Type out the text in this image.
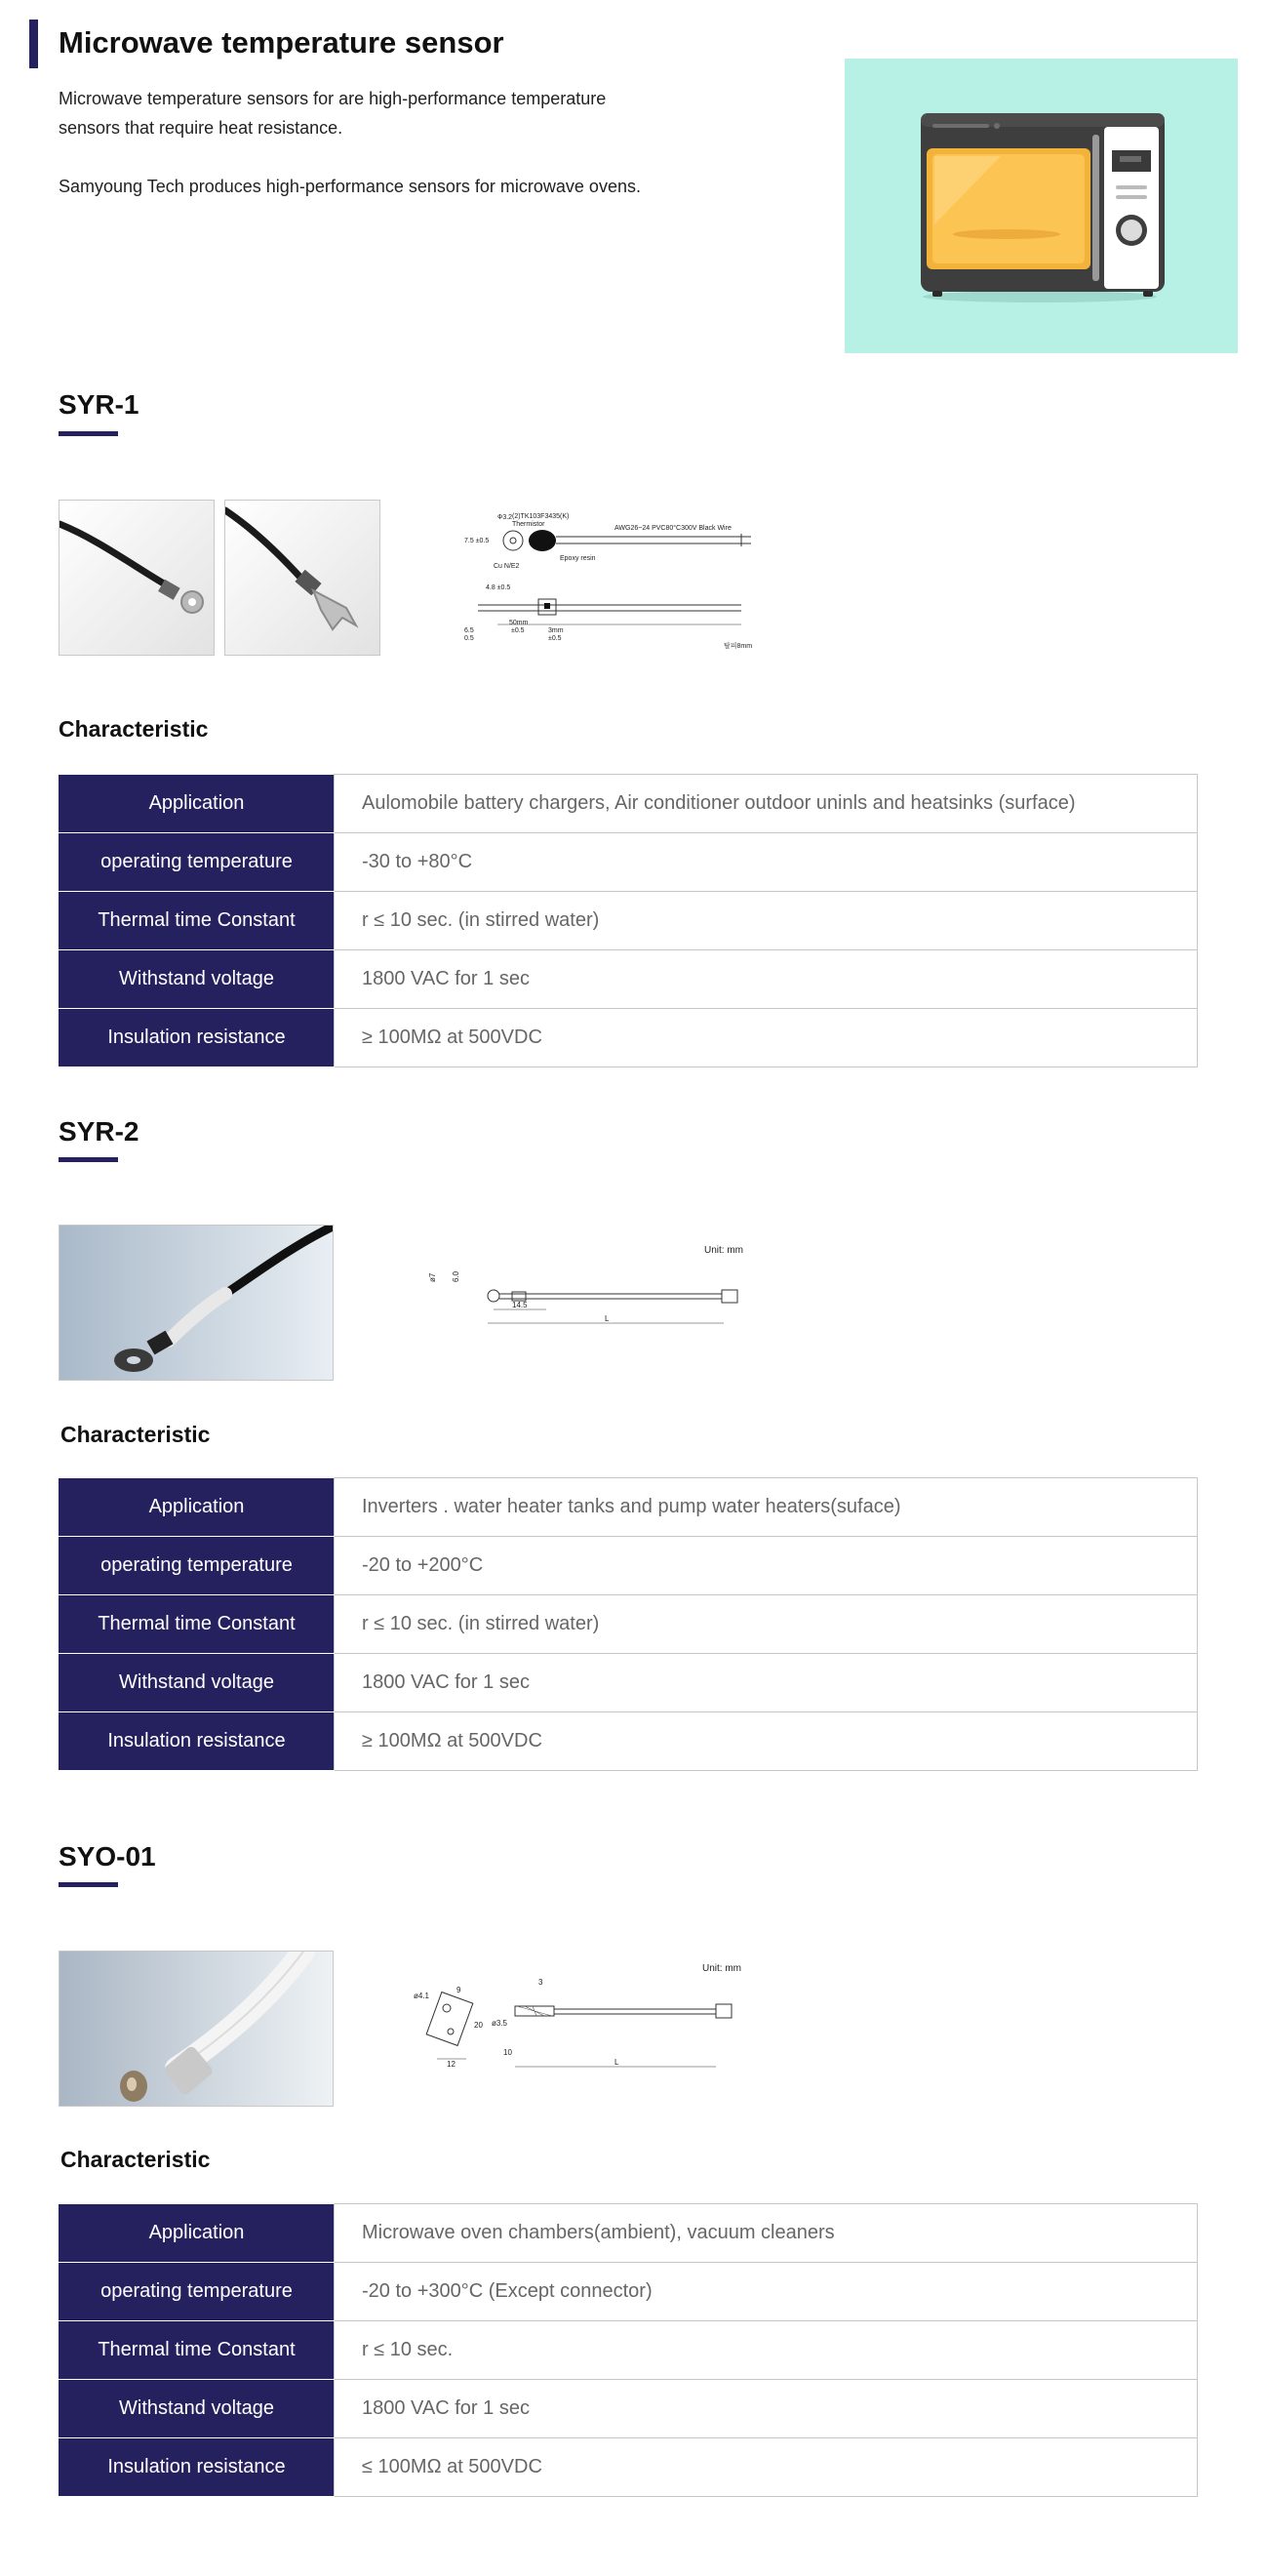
Microwave temperature sensor

Microwave temperature sensors for are high-performance temperature sensors that require heat resistance.

Samyoung Tech produces high-performance sensors for microwave ovens.

SYR-1
(2)TK103F3435(K)
Thermistor
Ф3.2
AWG26~24 PVC80°C300V Black Wire
7.5 ±0.5
Cu N/E2
Epoxy resin
4.8 ±0.5
6.5
0.5
50mm
±0.5	3mm
±0.5
탈피8mm
Characteristic
Application	Aulomobile battery chargers, Air conditioner outdoor uninls and heatsinks (surface)
operating temperature	-30 to +80°C
Thermal time Constant	r ≤ 10 sec. (in stirred water)
Withstand voltage	1800 VAC for 1 sec
Insulation resistance	≥ 100MΩ at 500VDC
SYR-2
Unit: mm
ø7 6.0
14.5
L
Characteristic
Application	Inverters . water heater tanks and pump water heaters(suface)
operating temperature	-20 to +200°C
Thermal time Constant	r ≤ 10 sec. (in stirred water)
Withstand voltage	1800 VAC for 1 sec
Insulation resistance	≥ 100MΩ at 500VDC
SYO-01
Unit: mm
ø4.1
9
20
12
ø3.5
10
3
L
Characteristic
Application	Microwave oven chambers(ambient), vacuum cleaners
operating temperature	-20 to +300°C (Except connector)
Thermal time Constant	r ≤ 10 sec.
Withstand voltage	1800 VAC for 1 sec
Insulation resistance	≤ 100MΩ at 500VDC
